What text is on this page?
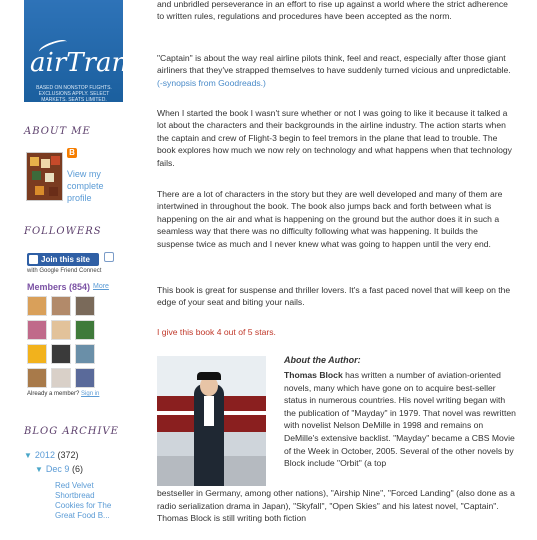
airTran
BASED ON NONSTOP FLIGHTS. EXCLUSIONS APPLY. SELECT MARKETS. SEATS LIMITED.
ABOUT ME
B
View my complete profile
FOLLOWERS
Join this site
with Google Friend Connect
Members (854) More
Already a member? Sign in
BLOG ARCHIVE
▼ 2012 (372)
▼ Dec 9 (6)
Red Velvet Shortbread Cookies for The Great Food B...

and unbridled perseverance in an effort to rise up against a world where the strict adherence to written rules, regulations and procedures have been accepted as the norm.

"Captain" is about the way real airline pilots think, feel and react, especially after those giant airliners that they've strapped themselves to have suddenly turned vicious and unpredictable. (-synopsis from Goodreads.)

When I started the book I wasn't sure whether or not I was going to like it because it talked a lot about the characters and their backgrounds in the airline industry. The action starts when the captain and crew of Flight-3 begin to feel tremors in the plane that lead to trouble. The book explores how much we now rely on technology and what happens when that technology fails.

There are a lot of characters in the story but they are well developed and many of them are intertwined in throughout the book. The book also jumps back and forth between what is happening on the air and what is happening on the ground but the author does it in such a seamless way that there was no difficulty following what was happening. It builds the suspense twice as much and I never knew what was going to happen until the very end.

This book is great for suspense and thriller lovers. It's a fast paced novel that will keep on the edge of your seat and biting your nails.

I give this book 4 out of 5 stars.

About the Author:

Thomas Block has written a number of aviation-oriented novels, many which have gone on to acquire best-seller status in numerous countries. His novel writing began with the publication of "Mayday" in 1979. That novel was rewritten with novelist Nelson DeMille in 1998 and remains on DeMille's extensive backlist. "Mayday" became a CBS Movie of the Week in October, 2005. Several of the other novels by Block include "Orbit" (a top

bestseller in Germany, among other nations), "Airship Nine", "Forced Landing" (also done as a radio serialization drama in Japan), "Skyfall", "Open Skies" and his latest novel, "Captain". Thomas Block is still writing both fiction
